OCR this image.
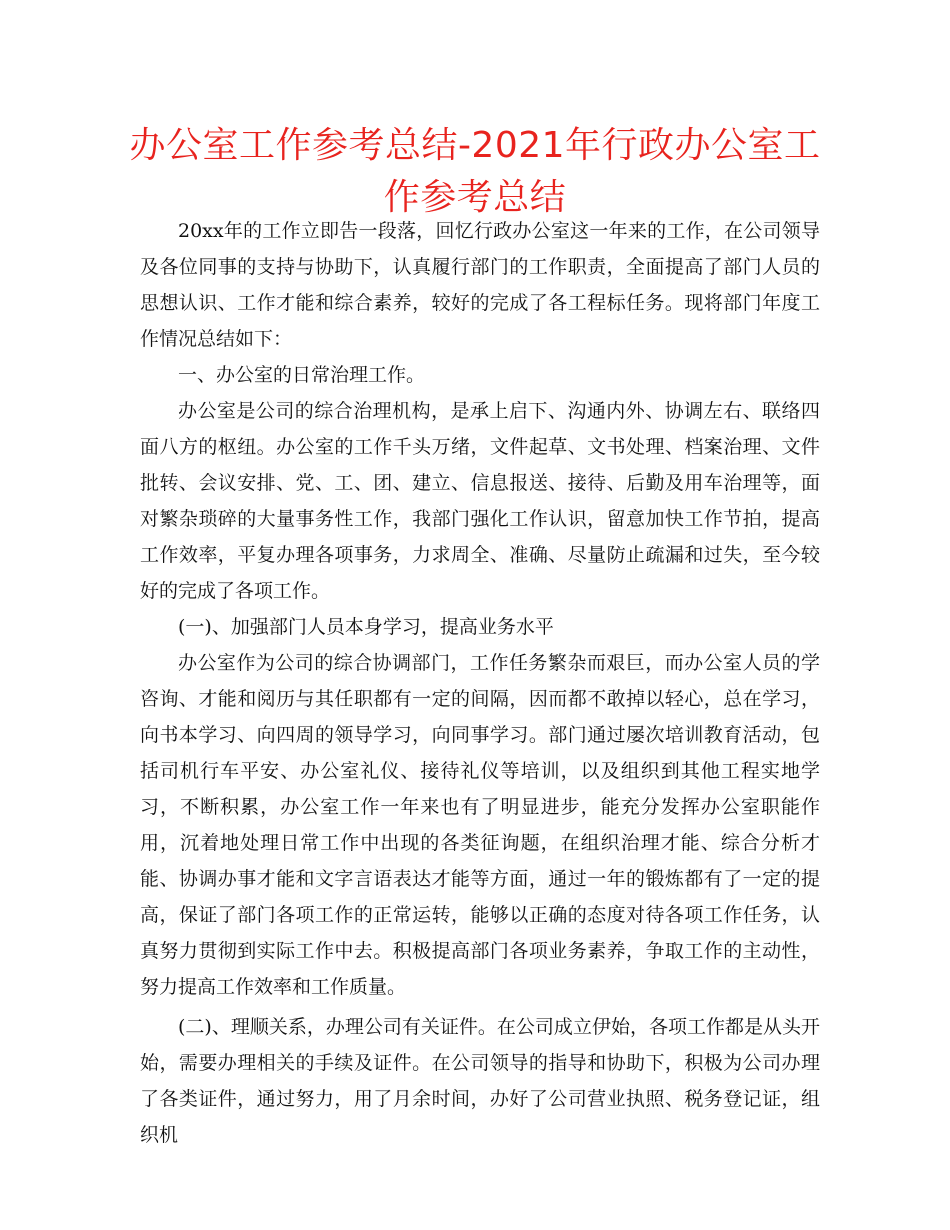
办公室工作参考总结-2021年行政办公室工作参考总结

20xx年的工作立即告一段落，回忆行政办公室这一年来的工作，在公司领导及各位同事的支持与协助下，认真履行部门的工作职责，全面提高了部门人员的思想认识、工作才能和综合素养，较好的完成了各工程标任务。现将部门年度工作情况总结如下：

一、办公室的日常治理工作。

办公室是公司的综合治理机构，是承上启下、沟通内外、协调左右、联络四面八方的枢纽。办公室的工作千头万绪，文件起草、文书处理、档案治理、文件批转、会议安排、党、工、团、建立、信息报送、接待、后勤及用车治理等，面对繁杂琐碎的大量事务性工作，我部门强化工作认识，留意加快工作节拍，提高工作效率，平复办理各项事务，力求周全、准确、尽量防止疏漏和过失，至今较好的完成了各项工作。

(一)、加强部门人员本身学习，提高业务水平

办公室作为公司的综合协调部门，工作任务繁杂而艰巨，而办公室人员的学咨询、才能和阅历与其任职都有一定的间隔，因而都不敢掉以轻心，总在学习，向书本学习、向四周的领导学习，向同事学习。部门通过屡次培训教育活动，包括司机行车平安、办公室礼仪、接待礼仪等培训，以及组织到其他工程实地学习，不断积累，办公室工作一年来也有了明显进步，能充分发挥办公室职能作用，沉着地处理日常工作中出现的各类征询题，在组织治理才能、综合分析才能、协调办事才能和文字言语表达才能等方面，通过一年的锻炼都有了一定的提高，保证了部门各项工作的正常运转，能够以正确的态度对待各项工作任务，认真努力贯彻到实际工作中去。积极提高部门各项业务素养，争取工作的主动性，努力提高工作效率和工作质量。

(二)、理顺关系，办理公司有关证件。在公司成立伊始，各项工作都是从头开始，需要办理相关的手续及证件。在公司领导的指导和协助下，积极为公司办理了各类证件，通过努力，用了月余时间，办好了公司营业执照、税务登记证，组织机
